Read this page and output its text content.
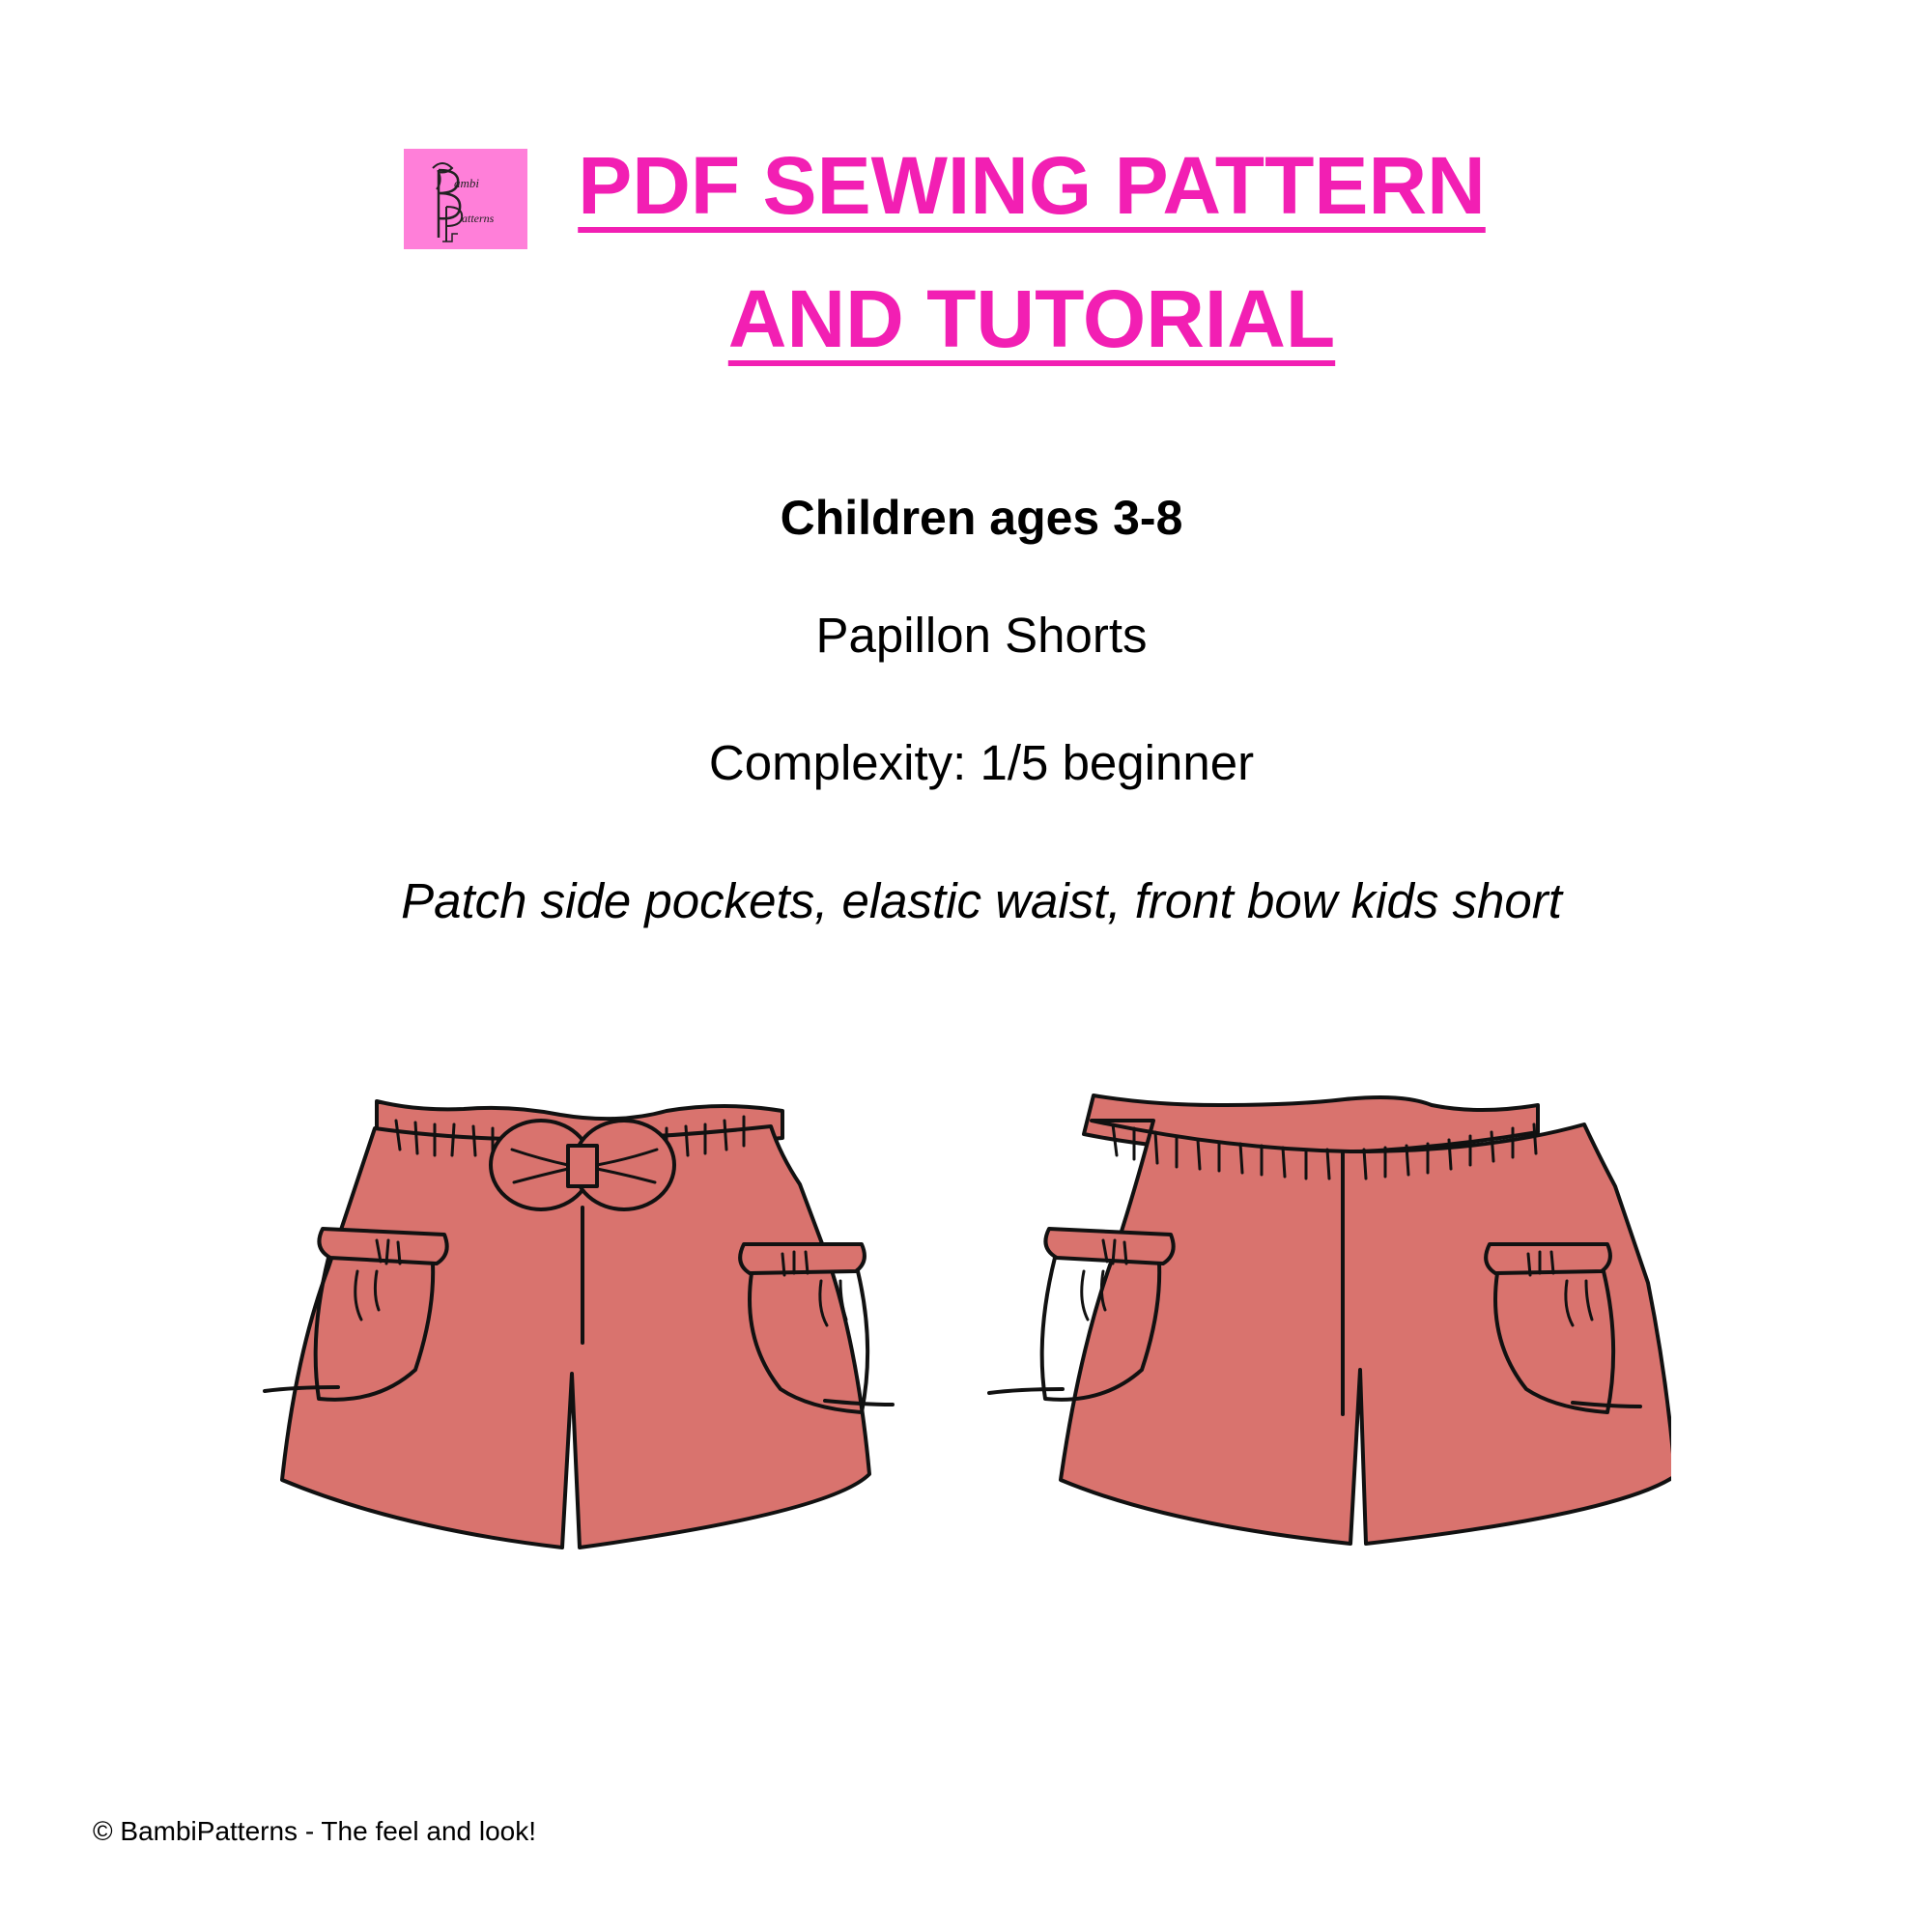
ambi
atterns	PDF SEWING PATTERN
AND TUTORIAL
Children ages 3-8
Papillon Shorts
Complexity: 1/5 beginner
Patch side pockets, elastic waist, front bow kids short
© BambiPatterns - The feel and look!
